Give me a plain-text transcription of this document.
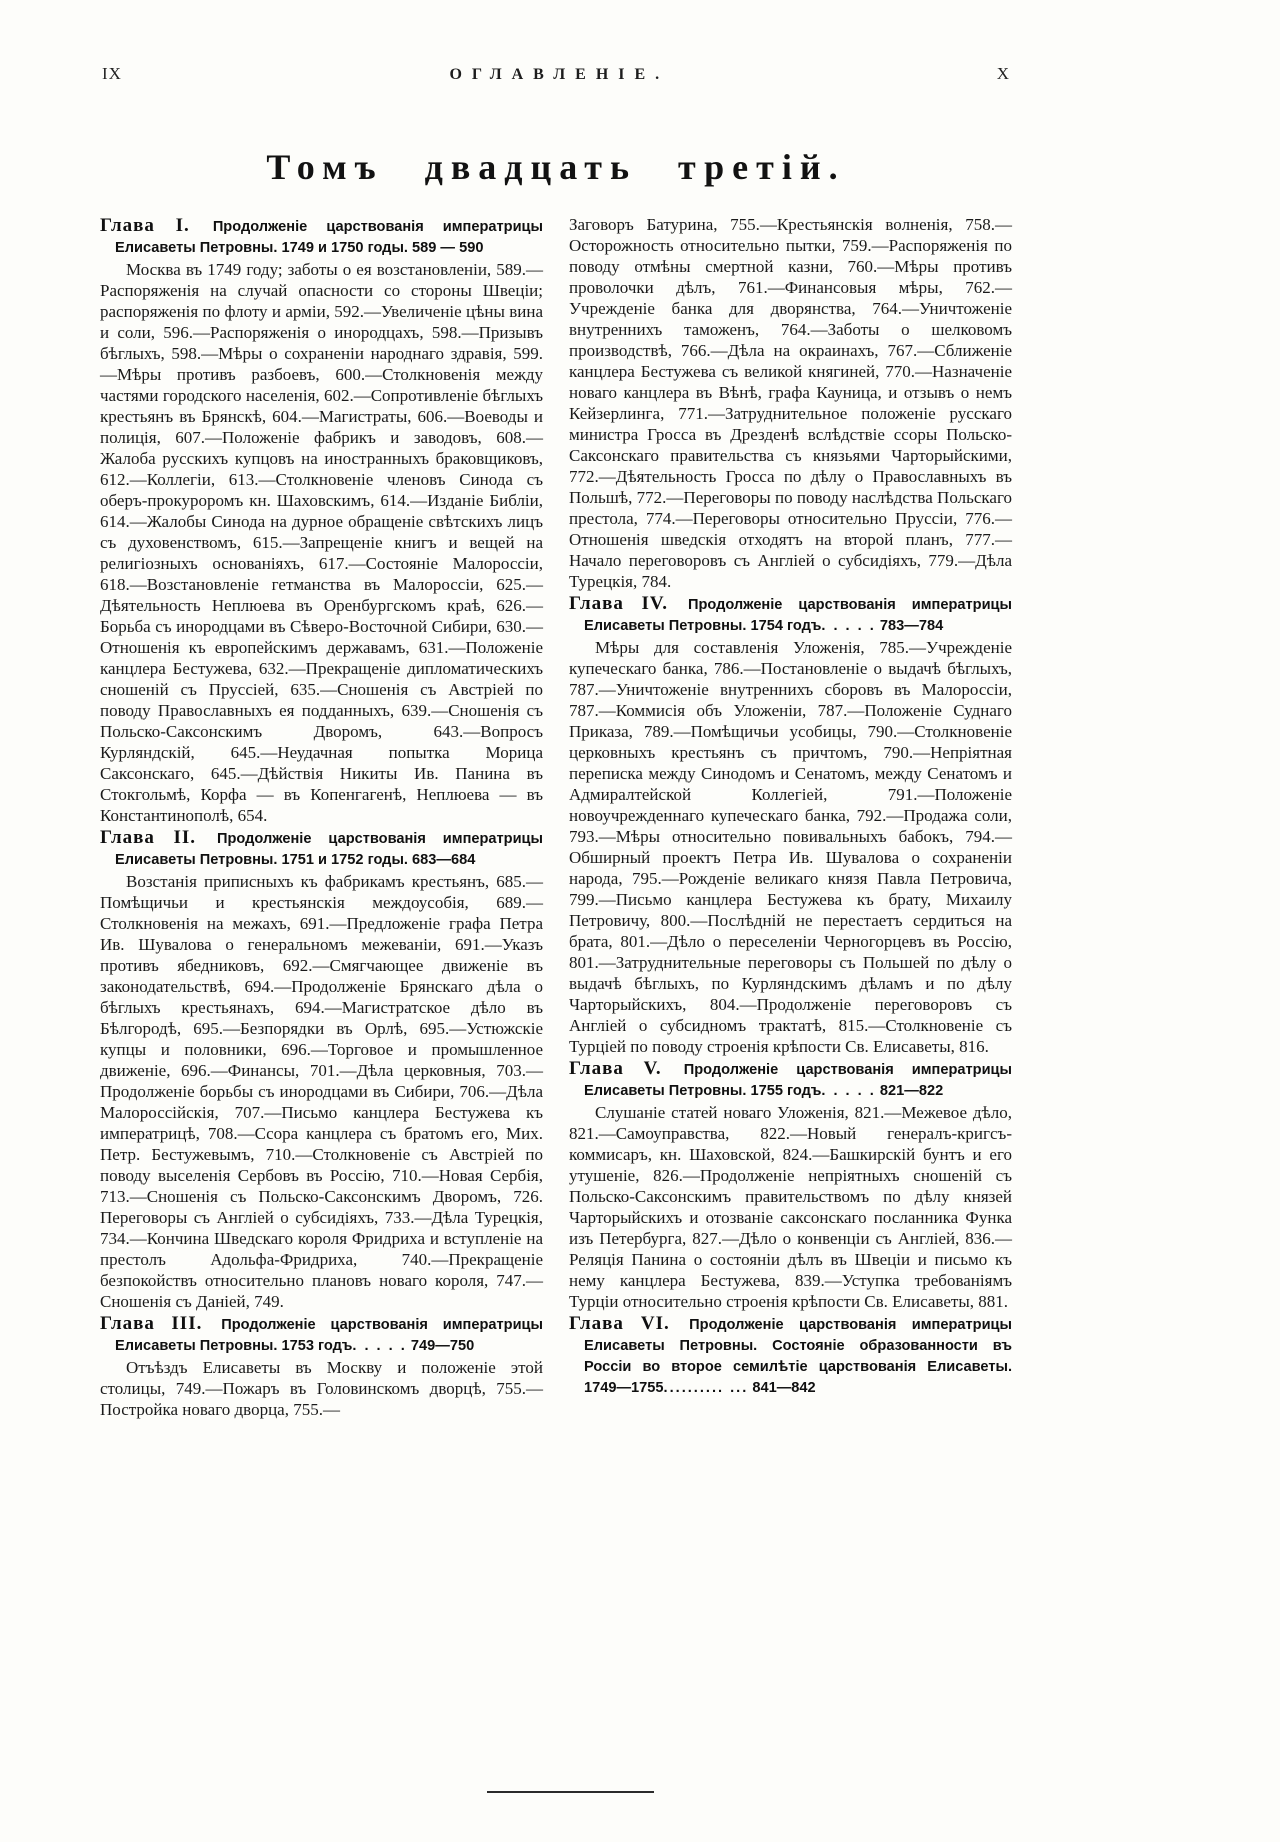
IX	ОГЛАВЛЕНІЕ.	X
Томъ двадцать третій.

Глава I. Продолженіе царствованія императрицы Елисаветы Петровны. 1749 и 1750 годы. 589 — 590

Москва въ 1749 году; заботы о ея возстановленіи, 589.—Распоряженія на случай опасности со стороны Швеціи; распоряженія по флоту и арміи, 592.—Увеличеніе цѣны вина и соли, 596.—Распоряженія о инородцахъ, 598.—Призывъ бѣглыхъ, 598.—Мѣры о сохраненіи народнаго здравія, 599.—Мѣры противъ разбоевъ, 600.—Столкновенія между частями городского населенія, 602.—Сопротивленіе бѣглыхъ крестьянъ въ Брянскѣ, 604.—Магистраты, 606.—Воеводы и полиція, 607.—Положеніе фабрикъ и заводовъ, 608.—Жалоба русскихъ купцовъ на иностранныхъ браковщиковъ, 612.—Коллегіи, 613.—Столкновеніе членовъ Синода съ оберъ-прокуроромъ кн. Шаховскимъ, 614.—Изданіе Библіи, 614.—Жалобы Синода на дурное обращеніе свѣтскихъ лицъ съ духовенствомъ, 615.—Запрещеніе книгъ и вещей на религіозныхъ основаніяхъ, 617.—Состояніе Малороссіи, 618.—Возстановленіе гетманства въ Малороссіи, 625.—Дѣятельность Неплюева въ Оренбургскомъ краѣ, 626.—Борьба съ инородцами въ Сѣверо-Восточной Сибири, 630.—Отношенія къ европейскимъ державамъ, 631.—Положеніе канцлера Бестужева, 632.—Прекращеніе дипломатическихъ сношеній съ Пруссіей, 635.—Сношенія съ Австріей по поводу Православныхъ ея подданныхъ, 639.—Сношенія съ Польско-Саксонскимъ Дворомъ, 643.—Вопросъ Курляндскій, 645.—Неудачная попытка Морица Саксонскаго, 645.—Дѣйствія Никиты Ив. Панина въ Стокгольмѣ, Корфа — въ Копенгагенѣ, Неплюева — въ Константинополѣ, 654.

Глава II. Продолженіе царствованія императрицы Елисаветы Петровны. 1751 и 1752 годы. 683—684

Возстанія приписныхъ къ фабрикамъ крестьянъ, 685.—Помѣщичьи и крестьянскія междоусобія, 689.—Столкновенія на межахъ, 691.—Предложеніе графа Петра Ив. Шувалова о генеральномъ межеваніи, 691.—Указъ противъ ябедниковъ, 692.—Смягчающее движеніе въ законодательствѣ, 694.—Продолженіе Брянскаго дѣла о бѣглыхъ крестьянахъ, 694.—Магистратское дѣло въ Бѣлгородѣ, 695.—Безпорядки въ Орлѣ, 695.—Устюжскіе купцы и половники, 696.—Торговое и промышленное движеніе, 696.—Финансы, 701.—Дѣла церковныя, 703.—Продолженіе борьбы съ инородцами въ Сибири, 706.—Дѣла Малороссійскія, 707.—Письмо канцлера Бестужева къ императрицѣ, 708.—Ссора канцлера съ братомъ его, Мих. Петр. Бестужевымъ, 710.—Столкновеніе съ Австріей по поводу выселенія Сербовъ въ Россію, 710.—Новая Сербія, 713.—Сношенія съ Польско-Саксонскимъ Дворомъ, 726. Переговоры съ Англіей о субсидіяхъ, 733.—Дѣла Турецкія, 734.—Кончина Шведскаго короля Фридриха и вступленіе на престолъ Адольфа-Фридриха, 740.—Прекращеніе безпокойствъ относительно плановъ новаго короля, 747.—Сношенія съ Даніей, 749.

Глава III. Продолженіе царствованія императрицы Елисаветы Петровны. 1753 годъ. . . . . 749—750

Отъѣздъ Елисаветы въ Москву и положеніе этой столицы, 749.—Пожаръ въ Головинскомъ дворцѣ, 755.—Постройка новаго дворца, 755.—

Заговоръ Батурина, 755.—Крестьянскія волненія, 758.—Осторожность относительно пытки, 759.—Распоряженія по поводу отмѣны смертной казни, 760.—Мѣры противъ проволочки дѣлъ, 761.—Финансовыя мѣры, 762.—Учрежденіе банка для дворянства, 764.—Уничтоженіе внутреннихъ таможенъ, 764.—Заботы о шелковомъ производствѣ, 766.—Дѣла на окраинахъ, 767.—Сближеніе канцлера Бестужева съ великой княгиней, 770.—Назначеніе новаго канцлера въ Вѣнѣ, графа Кауница, и отзывъ о немъ Кейзерлинга, 771.—Затруднительное положеніе русскаго министра Гросса въ Дрезденѣ вслѣдствіе ссоры Польско-Саксонскаго правительства съ князьями Чарторыйскими, 772.—Дѣятельность Гросса по дѣлу о Православныхъ въ Польшѣ, 772.—Переговоры по поводу наслѣдства Польскаго престола, 774.—Переговоры относительно Пруссіи, 776.—Отношенія шведскія отходятъ на второй планъ, 777.—Начало переговоровъ съ Англіей о субсидіяхъ, 779.—Дѣла Турецкія, 784.

Глава IV. Продолженіе царствованія императрицы Елисаветы Петровны. 1754 годъ. . . . . 783—784

Мѣры для составленія Уложенія, 785.—Учрежденіе купеческаго банка, 786.—Постановленіе о выдачѣ бѣглыхъ, 787.—Уничтоженіе внутреннихъ сборовъ въ Малороссіи, 787.—Коммисія объ Уложеніи, 787.—Положеніе Суднаго Приказа, 789.—Помѣщичьи усобицы, 790.—Столкновеніе церковныхъ крестьянъ съ причтомъ, 790.—Непріятная переписка между Синодомъ и Сенатомъ, между Сенатомъ и Адмиралтейской Коллегіей, 791.—Положеніе новоучрежденнаго купеческаго банка, 792.—Продажа соли, 793.—Мѣры относительно повивальныхъ бабокъ, 794.—Обширный проектъ Петра Ив. Шувалова о сохраненіи народа, 795.—Рожденіе великаго князя Павла Петровича, 799.—Письмо канцлера Бестужева къ брату, Михаилу Петровичу, 800.—Послѣдній не перестаетъ сердиться на брата, 801.—Дѣло о переселеніи Черногорцевъ въ Россію, 801.—Затруднительные переговоры съ Польшей по дѣлу о выдачѣ бѣглыхъ, по Курляндскимъ дѣламъ и по дѣлу Чарторыйскихъ, 804.—Продолженіе переговоровъ съ Англіей о субсидномъ трактатѣ, 815.—Столкновеніе съ Турціей по поводу строенія крѣпости Св. Елисаветы, 816.

Глава V. Продолженіе царствованія императрицы Елисаветы Петровны. 1755 годъ. . . . . 821—822

Слушаніе статей новаго Уложенія, 821.—Межевое дѣло, 821.—Самоуправства, 822.—Новый генералъ-кригсъ-коммисаръ, кн. Шаховской, 824.—Башкирскій бунтъ и его утушеніе, 826.—Продолженіе непріятныхъ сношеній съ Польско-Саксонскимъ правительствомъ по дѣлу князей Чарторыйскихъ и отозваніе саксонскаго посланника Функа изъ Петербурга, 827.—Дѣло о конвенціи съ Англіей, 836.—Реляція Панина о состояніи дѣлъ въ Швеціи и письмо къ нему канцлера Бестужева, 839.—Уступка требованіямъ Турціи относительно строенія крѣпости Св. Елисаветы, 881.

Глава VI. Продолженіе царствованія императрицы Елисаветы Петровны. Состояніе образованности въ Россіи во второе семилѣтіе царствованія Елисаветы. 1749—1755.......... ... 841—842
